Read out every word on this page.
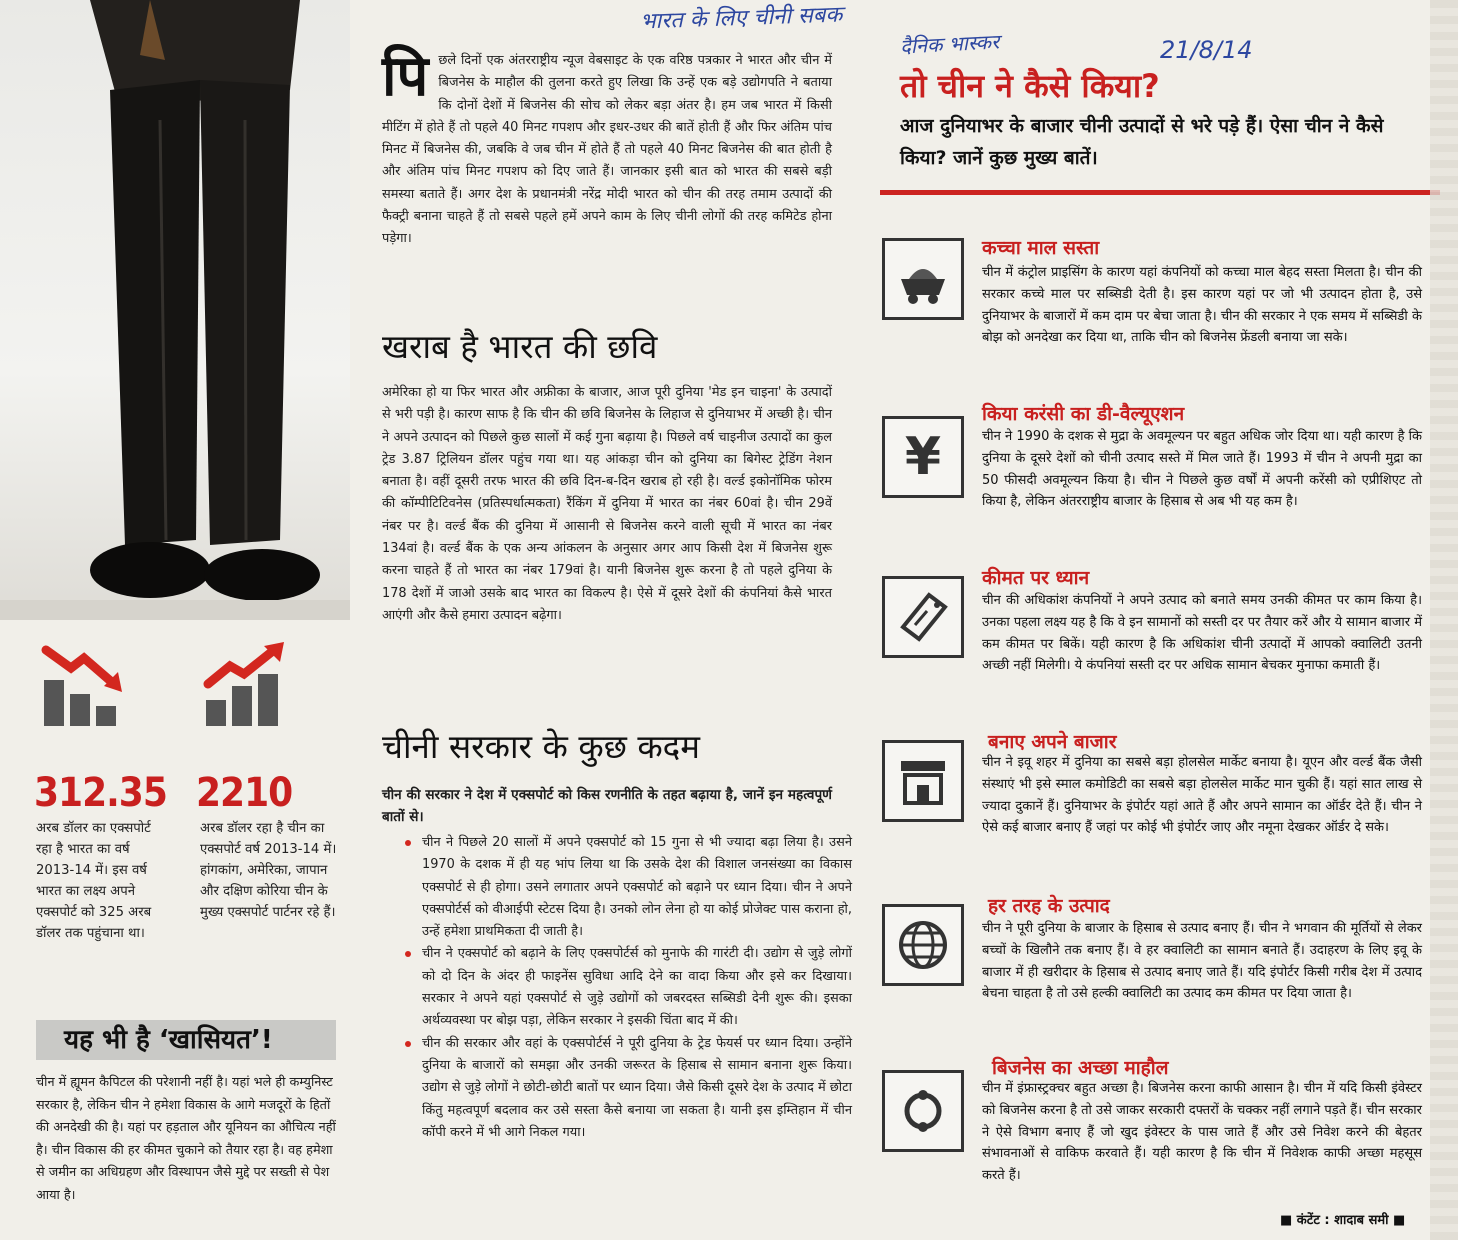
312.35
अरब डॉलर का एक्सपोर्ट रहा है भारत का वर्ष 2013-14 में। इस वर्ष भारत का लक्ष्य अपने एक्सपोर्ट को 325 अरब डॉलर तक पहुंचाना था।
2210
अरब डॉलर रहा है चीन का एक्सपोर्ट वर्ष 2013-14 में। हांगकांग, अमेरिका, जापान और दक्षिण कोरिया चीन के मुख्य एक्सपोर्ट पार्टनर रहे हैं।
यह भी है ‘खासियत’!
चीन में ह्यूमन कैपिटल की परेशानी नहीं है। यहां भले ही कम्युनिस्ट सरकार है, लेकिन चीन ने हमेशा विकास के आगे मजदूरों के हितों की अनदेखी की है। यहां पर हड़ताल और यूनियन का औचित्य नहीं है। चीन विकास की हर कीमत चुकाने को तैयार रहा है। वह हमेशा से जमीन का अधिग्रहण और विस्थापन जैसे मुद्दे पर सख्ती से पेश आया है।
पि छले दिनों एक अंतरराष्ट्रीय न्यूज वेबसाइट के एक वरिष्ठ पत्रकार ने भारत और चीन में बिजनेस के माहौल की तुलना करते हुए लिखा कि उन्हें एक बड़े उद्योगपति ने बताया कि दोनों देशों में बिजनेस की सोच को लेकर बड़ा अंतर है। हम जब भारत में किसी मीटिंग में होते हैं तो पहले 40 मिनट गपशप और इधर-उधर की बातें होती हैं और फिर अंतिम पांच मिनट में बिजनेस की, जबकि वे जब चीन में होते हैं तो पहले 40 मिनट बिजनेस की बात होती है और अंतिम पांच मिनट गपशप को दिए जाते हैं। जानकार इसी बात को भारत की सबसे बड़ी समस्या बताते हैं। अगर देश के प्रधानमंत्री नरेंद्र मोदी भारत को चीन की तरह तमाम उत्पादों की फैक्ट्री बनाना चाहते हैं तो सबसे पहले हमें अपने काम के लिए चीनी लोगों की तरह कमिटेड होना पड़ेगा।

खराब है भारत की छवि
अमेरिका हो या फिर भारत और अफ्रीका के बाजार, आज पूरी दुनिया 'मेड इन चाइना' के उत्पादों से भरी पड़ी है। कारण साफ है कि चीन की छवि बिजनेस के लिहाज से दुनियाभर में अच्छी है। चीन ने अपने उत्पादन को पिछले कुछ सालों में कई गुना बढ़ाया है। पिछले वर्ष चाइनीज उत्पादों का कुल ट्रेड 3.87 ट्रिलियन डॉलर पहुंच गया था। यह आंकड़ा चीन को दुनिया का बिगेस्ट ट्रेडिंग नेशन बनाता है। वहीं दूसरी तरफ भारत की छवि दिन-ब-दिन खराब हो रही है। वर्ल्ड इकोनॉमिक फोरम की कॉम्पीटिटिवनेस (प्रतिस्पर्धात्मकता) रैंकिंग में दुनिया में भारत का नंबर 60वां है। चीन 29वें नंबर पर है। वर्ल्ड बैंक की दुनिया में आसानी से बिजनेस करने वाली सूची में भारत का नंबर 134वां है। वर्ल्ड बैंक के एक अन्य आंकलन के अनुसार अगर आप किसी देश में बिजनेस शुरू करना चाहते हैं तो भारत का नंबर 179वां है। यानी बिजनेस शुरू करना है तो पहले दुनिया के 178 देशों में जाओ उसके बाद भारत का विकल्प है। ऐसे में दूसरे देशों की कंपनियां कैसे भारत आएंगी और कैसे हमारा उत्पादन बढ़ेगा।
चीनी सरकार के कुछ कदम
चीन की सरकार ने देश में एक्सपोर्ट को किस रणनीति के तहत बढ़ाया है, जानें इन महत्वपूर्ण बातों से।
चीन ने पिछले 20 सालों में अपने एक्सपोर्ट को 15 गुना से भी ज्यादा बढ़ा लिया है। उसने 1970 के दशक में ही यह भांप लिया था कि उसके देश की विशाल जनसंख्या का विकास एक्सपोर्ट से ही होगा। उसने लगातार अपने एक्सपोर्ट को बढ़ाने पर ध्यान दिया। चीन ने अपने एक्सपोर्टर्स को वीआईपी स्टेटस दिया है। उनको लोन लेना हो या कोई प्रोजेक्ट पास कराना हो, उन्हें हमेशा प्राथमिकता दी जाती है।
चीन ने एक्सपोर्ट को बढ़ाने के लिए एक्सपोर्टर्स को मुनाफे की गारंटी दी। उद्योग से जुड़े लोगों को दो दिन के अंदर ही फाइनेंस सुविधा आदि देने का वादा किया और इसे कर दिखाया। सरकार ने अपने यहां एक्सपोर्ट से जुड़े उद्योगों को जबरदस्त सब्सिडी देनी शुरू की। इसका अर्थव्यवस्था पर बोझ पड़ा, लेकिन सरकार ने इसकी चिंता बाद में की।
चीन की सरकार और वहां के एक्सपोर्टर्स ने पूरी दुनिया के ट्रेड फेयर्स पर ध्यान दिया। उन्होंने दुनिया के बाजारों को समझा और उनकी जरूरत के हिसाब से सामान बनाना शुरू किया। उद्योग से जुड़े लोगों ने छोटी-छोटी बातों पर ध्यान दिया। जैसे किसी दूसरे देश के उत्पाद में छोटा किंतु महत्वपूर्ण बदलाव कर उसे सस्ता कैसे बनाया जा सकता है। यानी इस इम्तिहान में चीन कॉपी करने में भी आगे निकल गया।
भारत के लिए चीनी सबक
दैनिक भास्कर	21/8/14
तो चीन ने कैसे किया?
आज दुनियाभर के बाजार चीनी उत्पादों से भरे पड़े हैं। ऐसा चीन ने कैसे किया? जानें कुछ मुख्य बातें।
कच्चा माल सस्ता
चीन में कंट्रोल प्राइसिंग के कारण यहां कंपनियों को कच्चा माल बेहद सस्ता मिलता है। चीन की सरकार कच्चे माल पर सब्सिडी देती है। इस कारण यहां पर जो भी उत्पादन होता है, उसे दुनियाभर के बाजारों में कम दाम पर बेचा जाता है। चीन की सरकार ने एक समय में सब्सिडी के बोझ को अनदेखा कर दिया था, ताकि चीन को बिजनेस फ्रेंडली बनाया जा सके।
¥
किया करंसी का डी-वैल्यूएशन
चीन ने 1990 के दशक से मुद्रा के अवमूल्यन पर बहुत अधिक जोर दिया था। यही कारण है कि दुनिया के दूसरे देशों को चीनी उत्पाद सस्ते में मिल जाते हैं। 1993 में चीन ने अपनी मुद्रा का 50 फीसदी अवमूल्यन किया है। चीन ने पिछले कुछ वर्षों में अपनी करेंसी को एप्रीशिएट तो किया है, लेकिन अंतरराष्ट्रीय बाजार के हिसाब से अब भी यह कम है।
कीमत पर ध्यान
चीन की अधिकांश कंपनियों ने अपने उत्पाद को बनाते समय उनकी कीमत पर काम किया है। उनका पहला लक्ष्य यह है कि वे इन सामानों को सस्ती दर पर तैयार करें और ये सामान बाजार में कम कीमत पर बिकें। यही कारण है कि अधिकांश चीनी उत्पादों में आपको क्वालिटी उतनी अच्छी नहीं मिलेगी। ये कंपनियां सस्ती दर पर अधिक सामान बेचकर मुनाफा कमाती हैं।
बनाए अपने बाजार
चीन ने इवू शहर में दुनिया का सबसे बड़ा होलसेल मार्केट बनाया है। यूएन और वर्ल्ड बैंक जैसी संस्थाएं भी इसे स्माल कमोडिटी का सबसे बड़ा होलसेल मार्केट मान चुकी हैं। यहां सात लाख से ज्यादा दुकानें हैं। दुनियाभर के इंपोर्टर यहां आते हैं और अपने सामान का ऑर्डर देते हैं। चीन ने ऐसे कई बाजार बनाए हैं जहां पर कोई भी इंपोर्टर जाए और नमूना देखकर ऑर्डर दे सके।
हर तरह के उत्पाद
चीन ने पूरी दुनिया के बाजार के हिसाब से उत्पाद बनाए हैं। चीन ने भगवान की मूर्तियों से लेकर बच्चों के खिलौने तक बनाए हैं। वे हर क्वालिटी का सामान बनाते हैं। उदाहरण के लिए इवू के बाजार में ही खरीदार के हिसाब से उत्पाद बनाए जाते हैं। यदि इंपोर्टर किसी गरीब देश में उत्पाद बेचना चाहता है तो उसे हल्की क्वालिटी का उत्पाद कम कीमत पर दिया जाता है।
बिजनेस का अच्छा माहौल
चीन में इंफ्रास्ट्रक्चर बहुत अच्छा है। बिजनेस करना काफी आसान है। चीन में यदि किसी इंवेस्टर को बिजनेस करना है तो उसे जाकर सरकारी दफ्तरों के चक्कर नहीं लगाने पड़ते हैं। चीन सरकार ने ऐसे विभाग बनाए हैं जो खुद इंवेस्टर के पास जाते हैं और उसे निवेश करने की बेहतर संभावनाओं से वाकिफ करवाते हैं। यही कारण है कि चीन में निवेशक काफी अच्छा महसूस करते हैं।
■ कंटेंट : शादाब समी ■
